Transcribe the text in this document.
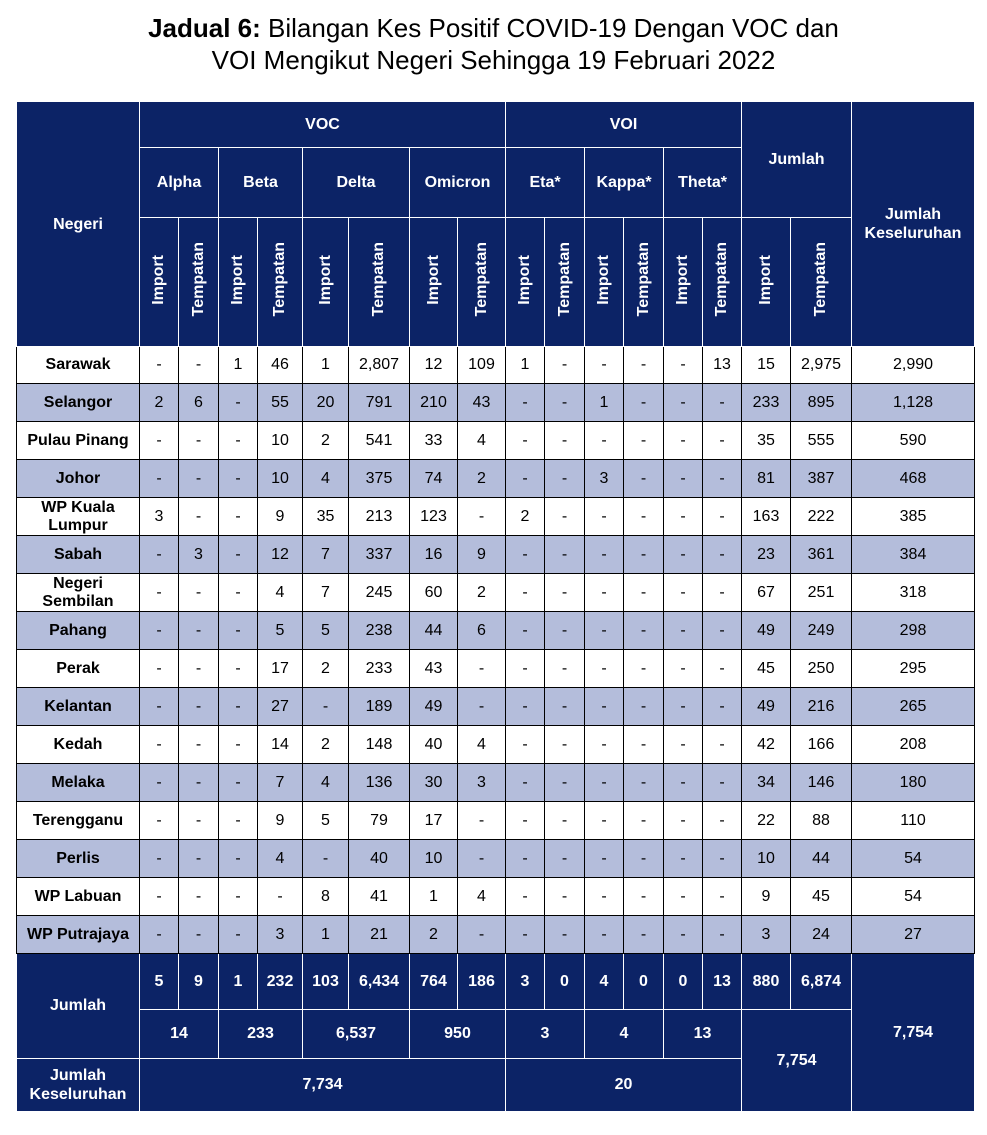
Jadual 6: Bilangan Kes Positif COVID-19 Dengan VOC dan
VOI Mengikut Negeri Sehingga 19 Februari 2022
Negeri	VOC								VOI						Jumlah		Jumlah Keseluruhan
	Alpha		Beta		Delta		Omicron		Eta*		Kappa*		Theta*				
	Import	Tempatan	Import	Tempatan	Import	Tempatan	Import	Tempatan	Import	Tempatan	Import	Tempatan	Import	Tempatan	Import	Tempatan	
Sarawak	-	-	1	46	1	2,807	12	109	1	-	-	-	-	13	15	2,975	2,990
Selangor	2	6	-	55	20	791	210	43	-	-	1	-	-	-	233	895	1,128
Pulau Pinang	-	-	-	10	2	541	33	4	-	-	-	-	-	-	35	555	590
Johor	-	-	-	10	4	375	74	2	-	-	3	-	-	-	81	387	468
WP Kuala Lumpur	3	-	-	9	35	213	123	-	2	-	-	-	-	-	163	222	385
Sabah	-	3	-	12	7	337	16	9	-	-	-	-	-	-	23	361	384
Negeri Sembilan	-	-	-	4	7	245	60	2	-	-	-	-	-	-	67	251	318
Pahang	-	-	-	5	5	238	44	6	-	-	-	-	-	-	49	249	298
Perak	-	-	-	17	2	233	43	-	-	-	-	-	-	-	45	250	295
Kelantan	-	-	-	27	-	189	49	-	-	-	-	-	-	-	49	216	265
Kedah	-	-	-	14	2	148	40	4	-	-	-	-	-	-	42	166	208
Melaka	-	-	-	7	4	136	30	3	-	-	-	-	-	-	34	146	180
Terengganu	-	-	-	9	5	79	17	-	-	-	-	-	-	-	22	88	110
Perlis	-	-	-	4	-	40	10	-	-	-	-	-	-	-	10	44	54
WP Labuan	-	-	-	-	8	41	1	4	-	-	-	-	-	-	9	45	54
WP Putrajaya	-	-	-	3	1	21	2	-	-	-	-	-	-	-	3	24	27
Jumlah	5	9	1	232	103	6,434	764	186	3	0	4	0	0	13	880	6,874	7,754
	14		233		6,537		950		3		4		13		7,754		
Jumlah Keseluruhan	7,734								20								
